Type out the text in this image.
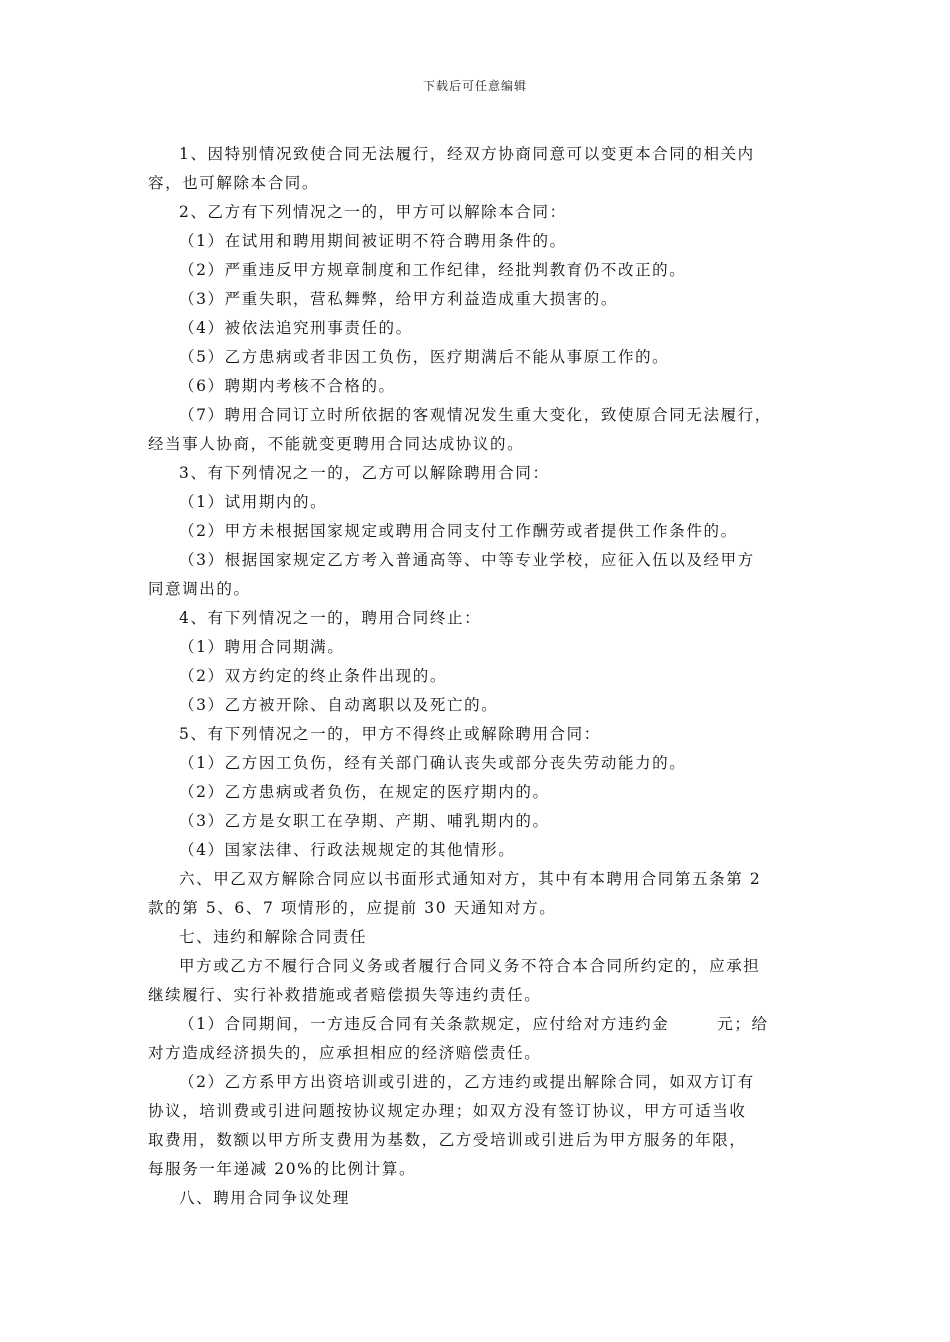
下载后可任意编辑
1、因特别情况致使合同无法履行，经双方协商同意可以变更本合同的相关内
容，也可解除本合同。
2、乙方有下列情况之一的，甲方可以解除本合同：
（1）在试用和聘用期间被证明不符合聘用条件的。
（2）严重违反甲方规章制度和工作纪律，经批判教育仍不改正的。
（3）严重失职，营私舞弊，给甲方利益造成重大损害的。
（4）被依法追究刑事责任的。
（5）乙方患病或者非因工负伤，医疗期满后不能从事原工作的。
（6）聘期内考核不合格的。
（7）聘用合同订立时所依据的客观情况发生重大变化，致使原合同无法履行，
经当事人协商，不能就变更聘用合同达成协议的。
3、有下列情况之一的，乙方可以解除聘用合同：
（1）试用期内的。
（2）甲方未根据国家规定或聘用合同支付工作酬劳或者提供工作条件的。
（3）根据国家规定乙方考入普通高等、中等专业学校，应征入伍以及经甲方
同意调出的。
4、有下列情况之一的，聘用合同终止：
（1）聘用合同期满。
（2）双方约定的终止条件出现的。
（3）乙方被开除、自动离职以及死亡的。
5、有下列情况之一的，甲方不得终止或解除聘用合同：
（1）乙方因工负伤，经有关部门确认丧失或部分丧失劳动能力的。
（2）乙方患病或者负伤，在规定的医疗期内的。
（3）乙方是女职工在孕期、产期、哺乳期内的。
（4）国家法律、行政法规规定的其他情形。
六、甲乙双方解除合同应以书面形式通知对方，其中有本聘用合同第五条第 2
款的第 5、6、7 项情形的，应提前 30 天通知对方。
七、违约和解除合同责任
甲方或乙方不履行合同义务或者履行合同义务不符合本合同所约定的，应承担
继续履行、实行补救措施或者赔偿损失等违约责任。
（1）合同期间，一方违反合同有关条款规定，应付给对方违约金	元；给
对方造成经济损失的，应承担相应的经济赔偿责任。
（2）乙方系甲方出资培训或引进的，乙方违约或提出解除合同，如双方订有
协议，培训费或引进问题按协议规定办理；如双方没有签订协议，甲方可适当收
取费用，数额以甲方所支费用为基数，乙方受培训或引进后为甲方服务的年限，
每服务一年递减 20%的比例计算。
八、聘用合同争议处理
